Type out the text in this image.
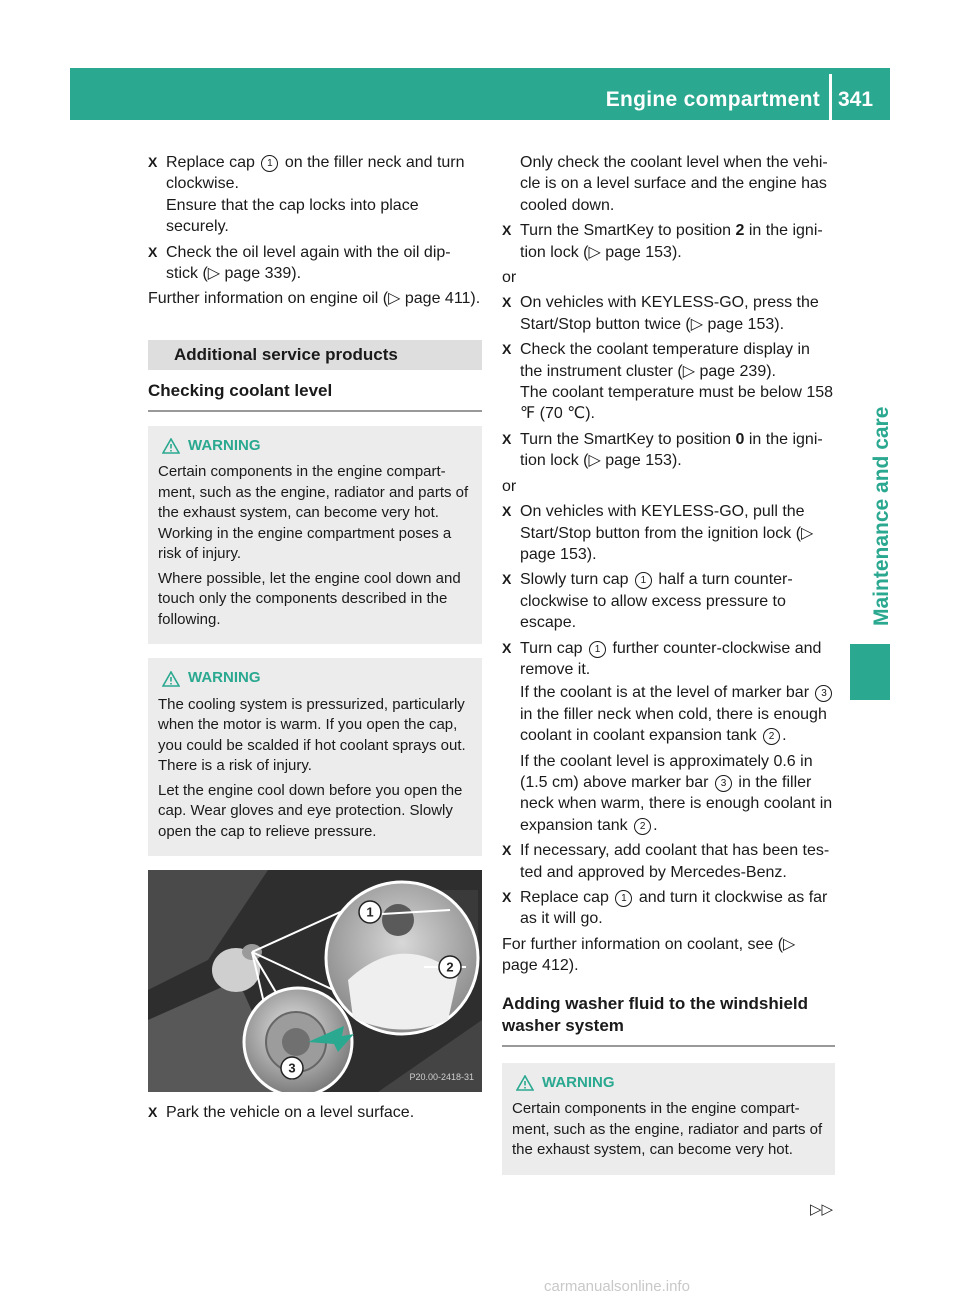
Engine compartment 341
Maintenance and care
X Replace cap 1 on the filler neck and turn clockwise.
Ensure that the cap locks into place securely.
X Check the oil level again with the oil dip-stick (▷ page 339).
Further information on engine oil (▷ page 411).
Additional service products
Checking coolant level
WARNING

Certain components in the engine compart-ment, such as the engine, radiator and parts of the exhaust system, can become very hot. Working in the engine compartment poses a risk of injury.

Where possible, let the engine cool down and touch only the components described in the following.

WARNING

The cooling system is pressurized, particularly when the motor is warm. If you open the cap, you could be scalded if hot coolant sprays out. There is a risk of injury.

Let the engine cool down before you open the cap. Wear gloves and eye protection. Slowly open the cap to relieve pressure.

1
2
3
P20.00-2418-31
X Park the vehicle on a level surface.
Only check the coolant level when the vehi-cle is on a level surface and the engine has cooled down.
X Turn the SmartKey to position 2 in the igni-tion lock (▷ page 153).
or
X On vehicles with KEYLESS-GO, press the Start/Stop button twice (▷ page 153).
X Check the coolant temperature display in the instrument cluster (▷ page 239).
The coolant temperature must be below 158 ℉ (70 ℃).
X Turn the SmartKey to position 0 in the igni-tion lock (▷ page 153).
or
X On vehicles with KEYLESS-GO, pull the Start/Stop button from the ignition lock (▷ page 153).
X Slowly turn cap 1 half a turn counter-clockwise to allow excess pressure to escape.
X Turn cap 1 further counter-clockwise and remove it.
If the coolant is at the level of marker bar 3 in the filler neck when cold, there is enough coolant in coolant expansion tank 2 .
If the coolant level is approximately 0.6 in (1.5 cm) above marker bar 3 in the filler neck when warm, there is enough coolant in expansion tank 2 .
X If necessary, add coolant that has been tes-ted and approved by Mercedes-Benz.
X Replace cap 1 and turn it clockwise as far as it will go.
For further information on coolant, see (▷ page 412).
Adding washer fluid to the windshield washer system
WARNING

Certain components in the engine compart-ment, such as the engine, radiator and parts of the exhaust system, can become very hot.

▷▷
carmanualsonline.info
